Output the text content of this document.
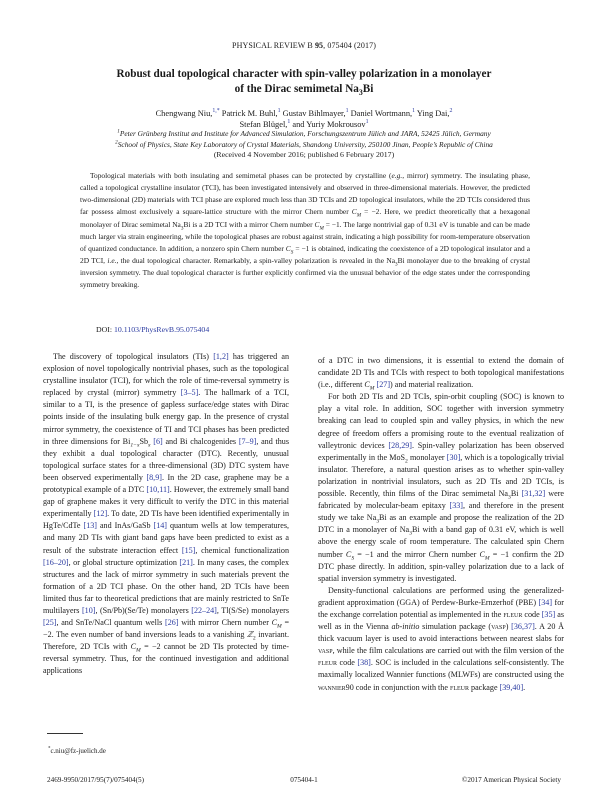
PHYSICAL REVIEW B 95, 075404 (2017)
Robust dual topological character with spin-valley polarization in a monolayer
of the Dirac semimetal $Na_3Bi$
Chengwang Niu,$^{1,*}$ Patrick M. Buhl,$^1$ Gustav Bihlmayer,$^1$ Daniel Wortmann,$^1$ Ying Dai,$^2$
Stefan Blügel,$^1$ and Yuriy Mokrousov$^1$
$^1$Peter Grünberg Institut and Institute for Advanced Simulation, Forschungszentrum Jülich and JARA, 52425 Jülich, Germany
$^2$School of Physics, State Key Laboratory of Crystal Materials, Shandong University, 250100 Jinan, People’s Republic of China
(Received 4 November 2016; published 6 February 2017)

Topological materials with both insulating and semimetal phases can be protected by crystalline (e.g., mirror) symmetry. The insulating phase, called a topological crystalline insulator (TCI), has been investigated intensively and observed in three-dimensional materials. However, the predicted two-dimensional (2D) materials with TCI phase are explored much less than 3D TCIs and 2D topological insulators, while the 2D TCIs considered thus far possess almost exclusively a square-lattice structure with the mirror Chern number $C_M = -2$. Here, we predict theoretically that a hexagonal monolayer of Dirac semimetal $Na_3Bi$ is a 2D TCI with a mirror Chern number $C_M = -1$. The large nontrivial gap of 0.31 eV is tunable and can be made much larger via strain engineering, while the topological phases are robust against strain, indicating a high possibility for room-temperature observation of quantized conductance. In addition, a nonzero spin Chern number $C_S = -1$ is obtained, indicating the coexistence of a 2D topological insulator and a 2D TCI, i.e., the dual topological character. Remarkably, a spin-valley polarization is revealed in the $Na_3Bi$ monolayer due to the breaking of crystal inversion symmetry. The dual topological character is further explicitly confirmed via the unusual behavior of the edge states under the corresponding symmetry breaking.

DOI: 10.1103/PhysRevB.95.075404

The discovery of topological insulators (TIs) [1,2] has triggered an explosion of novel topologically nontrivial phases, such as the topological crystalline insulator (TCI), for which the role of time-reversal symmetry is replaced by crystal (mirror) symmetry [3–5]. The hallmark of a TCI, similar to a TI, is the presence of gapless surface/edge states with Dirac points inside of the insulating bulk energy gap. In the presence of crystal mirror symmetry, the coexistence of TI and TCI phases has been predicted in three dimensions for $Bi_{1-x}Sb_x$ [6] and Bi chalcogenides [7–9], and thus they exhibit a dual topological character (DTC). Recently, unusual topological surface states for a three-dimensional (3D) DTC system have been observed experimentally [8,9]. In the 2D case, graphene may be a prototypical example of a DTC [10,11]. However, the extremely small band gap of graphene makes it very difficult to verify the DTC in this material experimentally [12]. To date, 2D TIs have been identified experimentally in HgTe/CdTe [13] and InAs/GaSb [14] quantum wells at low temperatures, and many 2D TIs with giant band gaps have been predicted to exist as a result of the substrate interaction effect [15], chemical functionalization [16–20], or global structure optimization [21]. In many cases, the complex structures and the lack of mirror symmetry in such materials prevent the formation of a 2D TCI phase. On the other hand, 2D TCIs have been limited thus far to theoretical predictions that are mainly restricted to SnTe multilayers [10], (Sn/Pb)(Se/Te) monolayers [22–24], Tl(S/Se) monolayers [25], and SnTe/NaCl quantum wells [26] with mirror Chern number $C_M = -2$. The even number of band inversions leads to a vanishing ℤ$_2$ invariant. Therefore, 2D TCIs with $C_M = -2$ cannot be 2D TIs protected by time-reversal symmetry. Thus, for the continued investigation and additional applications

of a DTC in two dimensions, it is essential to extend the domain of candidate 2D TIs and TCIs with respect to both topological manifestations (i.e., different $C_M$ [27]) and material realization.

For both 2D TIs and 2D TCIs, spin-orbit coupling (SOC) is known to play a vital role. In addition, SOC together with inversion symmetry breaking can lead to coupled spin and valley physics, in which the new degree of freedom offers a promising route to the eventual realization of valleytronic devices [28,29]. Spin-valley polarization has been observed experimentally in the MoS$_2$ monolayer [30], which is a topologically trivial insulator. Therefore, a natural question arises as to whether spin-valley polarization in nontrivial insulators, such as 2D TIs and 2D TCIs, is possible. Recently, thin films of the Dirac semimetal $Na_3Bi$ [31,32] were fabricated by molecular-beam epitaxy [33], and therefore in the present study we take $Na_3Bi$ as an example and propose the realization of the 2D DTC in a monolayer of $Na_3Bi$ with a band gap of 0.31 eV, which is well above the energy scale of room temperature. The calculated spin Chern number $C_S = -1$ and the mirror Chern number $C_M = -1$ confirm the 2D DTC phase directly. In addition, spin-valley polarization due to a lack of spatial inversion symmetry is investigated.

Density-functional calculations are performed using the generalized-gradient approximation (GGA) of Perdew-Burke-Ernzerhof (PBE) [34] for the exchange correlation potential as implemented in the fleur code [35] as well as in the Vienna ab-initio simulation package (vasp) [36,37]. A 20 Å thick vacuum layer is used to avoid interactions between nearest slabs for vasp, while the film calculations are carried out with the film version of the fleur code [38]. SOC is included in the calculations self-consistently. The maximally localized Wannier functions (MLWFs) are constructed using the wannier90 code in conjunction with the fleur package [39,40].

*c.niu@fz-juelich.de
2469-9950/2017/95(7)/075404(5)	075404-1	©2017 American Physical Society
